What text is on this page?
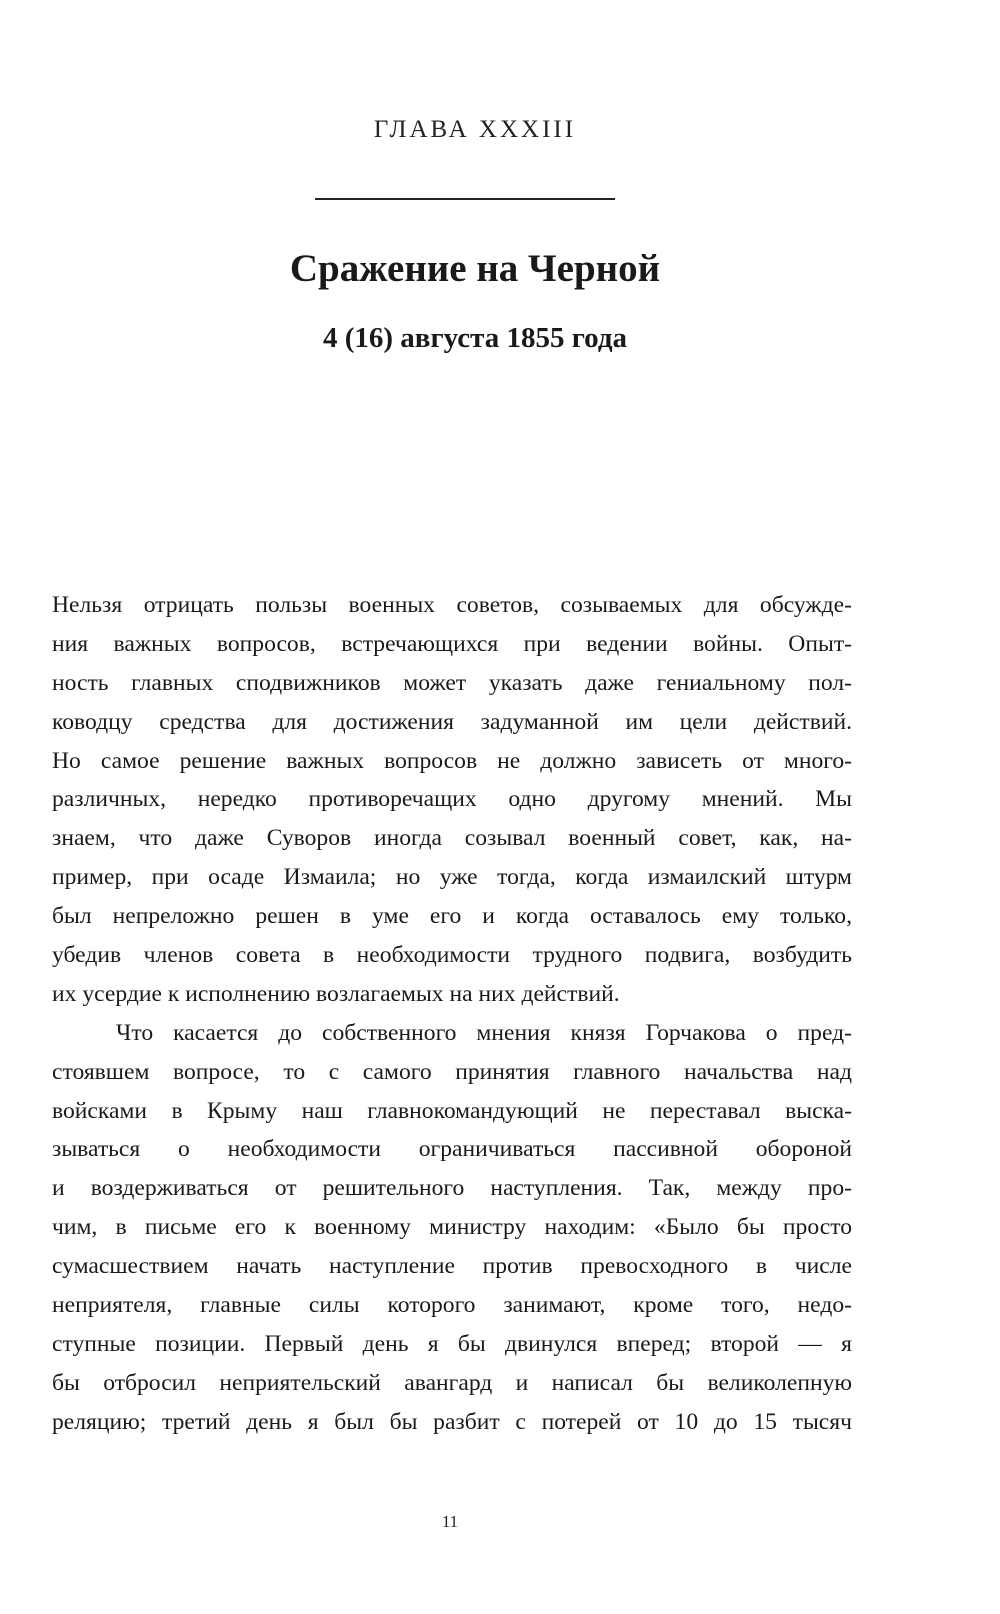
ГЛАВА XXXIII
Сражение на Черной
4 (16) августа 1855 года
Нельзя отрицать пользы военных советов, созываемых для обсужде-
ния важных вопросов, встречающихся при ведении войны. Опыт-
ность главных сподвижников может указать даже гениальному пол-
ководцу средства для достижения задуманной им цели действий.
Но самое решение важных вопросов не должно зависеть от много-
различных, нередко противоречащих одно другому мнений. Мы
знаем, что даже Суворов иногда созывал военный совет, как, на-
пример, при осаде Измаила; но уже тогда, когда измаилский штурм
был непреложно решен в уме его и когда оставалось ему только,
убедив членов совета в необходимости трудного подвига, возбудить
их усердие к исполнению возлагаемых на них действий.
Что касается до собственного мнения князя Горчакова о пред-
стоявшем вопросе, то с самого принятия главного начальства над
войсками в Крыму наш главнокомандующий не переставал выска-
зываться о необходимости ограничиваться пассивной обороной
и воздерживаться от решительного наступления. Так, между про-
чим, в письме его к военному министру находим: «Было бы просто
сумасшествием начать наступление против превосходного в числе
неприятеля, главные силы которого занимают, кроме того, недо-
ступные позиции. Первый день я бы двинулся вперед; второй — я
бы отбросил неприятельский авангард и написал бы великолепную
реляцию; третий день я был бы разбит с потерей от 10 до 15 тысяч
11
